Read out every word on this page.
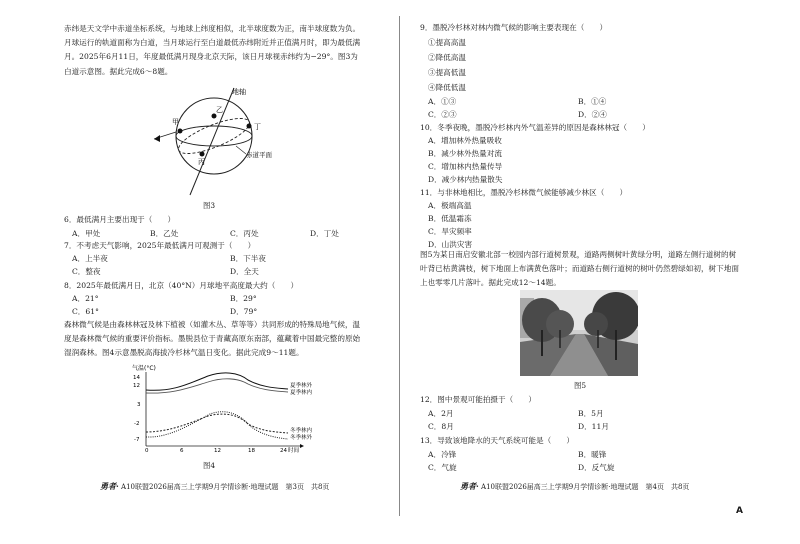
赤纬是天文学中赤道坐标系统，与地球上纬度相似，北半球度数为正，南半球度数为负。月球运行的轨道面称为白道，当月球运行至白道最低赤纬附近并正值满月时，即为最低满月。2025年6月11日，年度最低满月现身北京天际，该日月球视赤纬约为−29°。图3为白道示意图。据此完成6～8题。
地轴
甲
乙
丙
丁
赤道平面
图3
6．最低满月主要出现于（　　）
A．甲处	B．乙处	C．丙处	D．丁处
7．不考虑天气影响，2025年最低满月可观测于（　　）
A．上半夜	B．下半夜
C．整夜	D．全天
8．2025年最低满月日，北京（40°N）月球地平高度最大约（　　）
A．21°	B．29°
C．61°	D．79°
森林微气候是由森林林冠及林下植被（如灌木丛、草等等）共同形成的特殊局地气候，温度是森林微气候的重要评价指标。墨脱县位于青藏高原东南部，蕴藏着中国最完整的原始湿润森林。图4示意墨脱高海拔冷杉林气温日变化。据此完成9～11题。
气温(°C)
14
12
3
-2
-7
0	6	12	18	24
夏季林外
夏季林内
冬季林内
冬季林外
时间
图4
勇者· A10联盟2026届高三上学期9月学情诊断·地理试题　第3页　共8页
9．墨脱冷杉林对林内微气候的影响主要表现在（　　）
①提高高温
②降低高温
③提高低温
④降低低温
A．①③	B．①④
C．②③	D．②④
10．冬季夜晚，墨脱冷杉林内外气温差异的原因是森林林冠（　　）
A．增加林外热量吸收
B．减少林外热量对流
C．增加林内热量传导
D．减少林内热量散失
11．与非林地相比，墨脱冷杉林微气候能够减少林区（　　）
A．极端高温
B．低温霜冻
C．旱灾频率
D．山洪灾害
图5为某日南启安徽北部一校园内部行道树景观，道路两侧树叶黄绿分明，道路左侧行道树的树叶背已枯黄满枝，树下地面上布满黄色落叶；而道路右侧行道树的树叶仍然碧绿如初，树下地面上也零零几片落叶。据此完成12～14题。
图5
12．图中景观可能拍摄于（　　）
A．2月	B．5月
C．8月	D．11月
13．导致该地降水的天气系统可能是（　　）
A．冷锋	B．暖锋
C．气旋	D．反气旋
勇者· A10联盟2026届高三上学期9月学情诊断·地理试题　第4页　共8页
A
